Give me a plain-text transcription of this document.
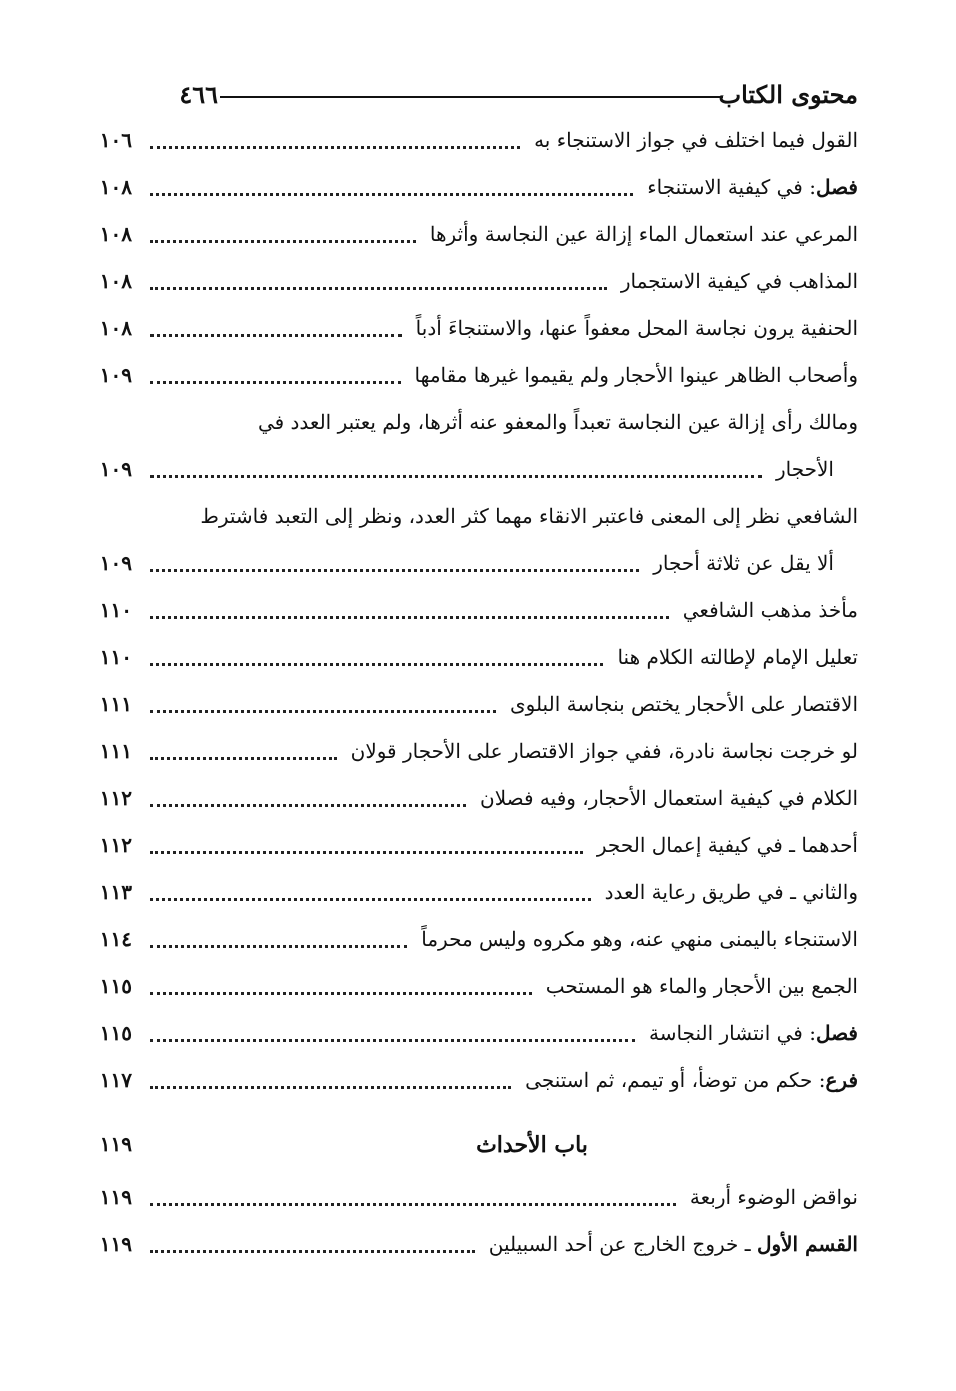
محتوى الكتاب
٤٦٦
القول فيما اختلف في جواز الاستنجاء به
١٠٦
فصل: في كيفية الاستنجاء
١٠٨
المرعي عند استعمال الماء إزالة عين النجاسة وأثرها
١٠٨
المذاهب في كيفية الاستجمار
١٠٨
الحنفية يرون نجاسة المحل معفواً عنها، والاستنجاءَ أدباً
١٠٨
وأصحاب الظاهر عينوا الأحجار ولم يقيموا غيرها مقامها
١٠٩
ومالك رأى إزالة عين النجاسة تعبداً والمعفو عنه أثرها، ولم يعتبر العدد في
الأحجار
١٠٩
الشافعي نظر إلى المعنى فاعتبر الانقاء مهما كثر العدد، ونظر إلى التعبد فاشترط
ألا يقل عن ثلاثة أحجار
١٠٩
مأخذ مذهب الشافعي
١١٠
تعليل الإمام لإطالته الكلام هنا
١١٠
الاقتصار على الأحجار يختص بنجاسة البلوى
١١١
لو خرجت نجاسة نادرة، ففي جواز الاقتصار على الأحجار قولان
١١١
الكلام في كيفية استعمال الأحجار، وفيه فصلان
١١٢
أحدهما ـ في كيفية إعمال الحجر
١١٢
والثاني ـ في طريق رعاية العدد
١١٣
الاستنجاء باليمنى منهي عنه، وهو مكروه وليس محرماً
١١٤
الجمع بين الأحجار والماء هو المستحب
١١٥
فصل: في انتشار النجاسة
١١٥
فرع: حكم من توضأ، أو تيمم، ثم استنجى
١١٧
باب الأحداث
١١٩
نواقض الوضوء أربعة
١١٩
القسم الأول ـ خروج الخارج عن أحد السبيلين
١١٩
